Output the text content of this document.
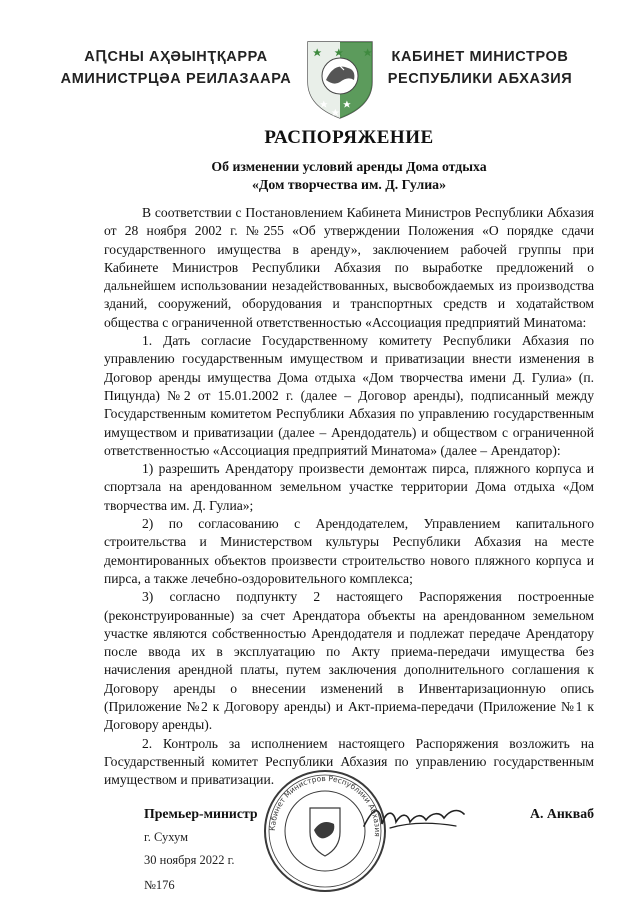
АԤСНЫ АҲӘЫНҬҚАРРА
АМИНИСТРЦӘА РЕИЛАЗААРА
КАБИНЕТ МИНИСТРОВ
РЕСПУБЛИКИ АБХАЗИЯ
РАСПОРЯЖЕНИЕ
Об изменении условий аренды Дома отдыха
«Дом творчества им. Д. Гулиа»

В соответствии с Постановлением Кабинета Министров Республики Абхазия от 28 ноября 2002 г. №255 «Об утверждении Положения «О порядке сдачи государственного имущества в аренду», заключением рабочей группы при Кабинете Министров Республики Абхазия по выработке предложений о дальнейшем использовании незадействованных, высвобождаемых из производства зданий, сооружений, оборудования и транспортных средств и ходатайством общества с ограниченной ответственностью «Ассоциация предприятий Минатома:

1. Дать согласие Государственному комитету Республики Абхазия по управлению государственным имуществом и приватизации внести изменения в Договор аренды имущества Дома отдыха «Дом творчества имени Д. Гулиа» (п. Пицунда) №2 от 15.01.2002 г. (далее – Договор аренды), подписанный между Государственным комитетом Республики Абхазия по управлению государственным имуществом и приватизации (далее – Арендодатель) и обществом с ограниченной ответственностью «Ассоциация предприятий Минатома» (далее – Арендатор):

1) разрешить Арендатору произвести демонтаж пирса, пляжного корпуса и спортзала на арендованном земельном участке территории Дома отдыха «Дом творчества им. Д. Гулиа»;

2) по согласованию с Арендодателем, Управлением капитального строительства и Министерством культуры Республики Абхазия на месте демонтированных объектов произвести строительство нового пляжного корпуса и пирса, а также лечебно-оздоровительного комплекса;

3) согласно подпункту 2 настоящего Распоряжения построенные (реконструированные) за счет Арендатора объекты на арендованном земельном участке являются собственностью Арендодателя и подлежат передаче Арендатору после ввода их в эксплуатацию по Акту приема-передачи имущества без начисления арендной платы, путем заключения дополнительного соглашения к Договору аренды о внесении изменений в Инвентаризационную опись (Приложение №2 к Договору аренды) и Акт-приема-передачи (Приложение №1 к Договору аренды).

2. Контроль за исполнением настоящего Распоряжения возложить на Государственный комитет Республики Абхазия по управлению государственным имуществом и приватизации.

Премьер-министр	А. Анкваб
Кабинет Министров Республики Абхазия
г. Сухум
30 ноября 2022 г.
№176
